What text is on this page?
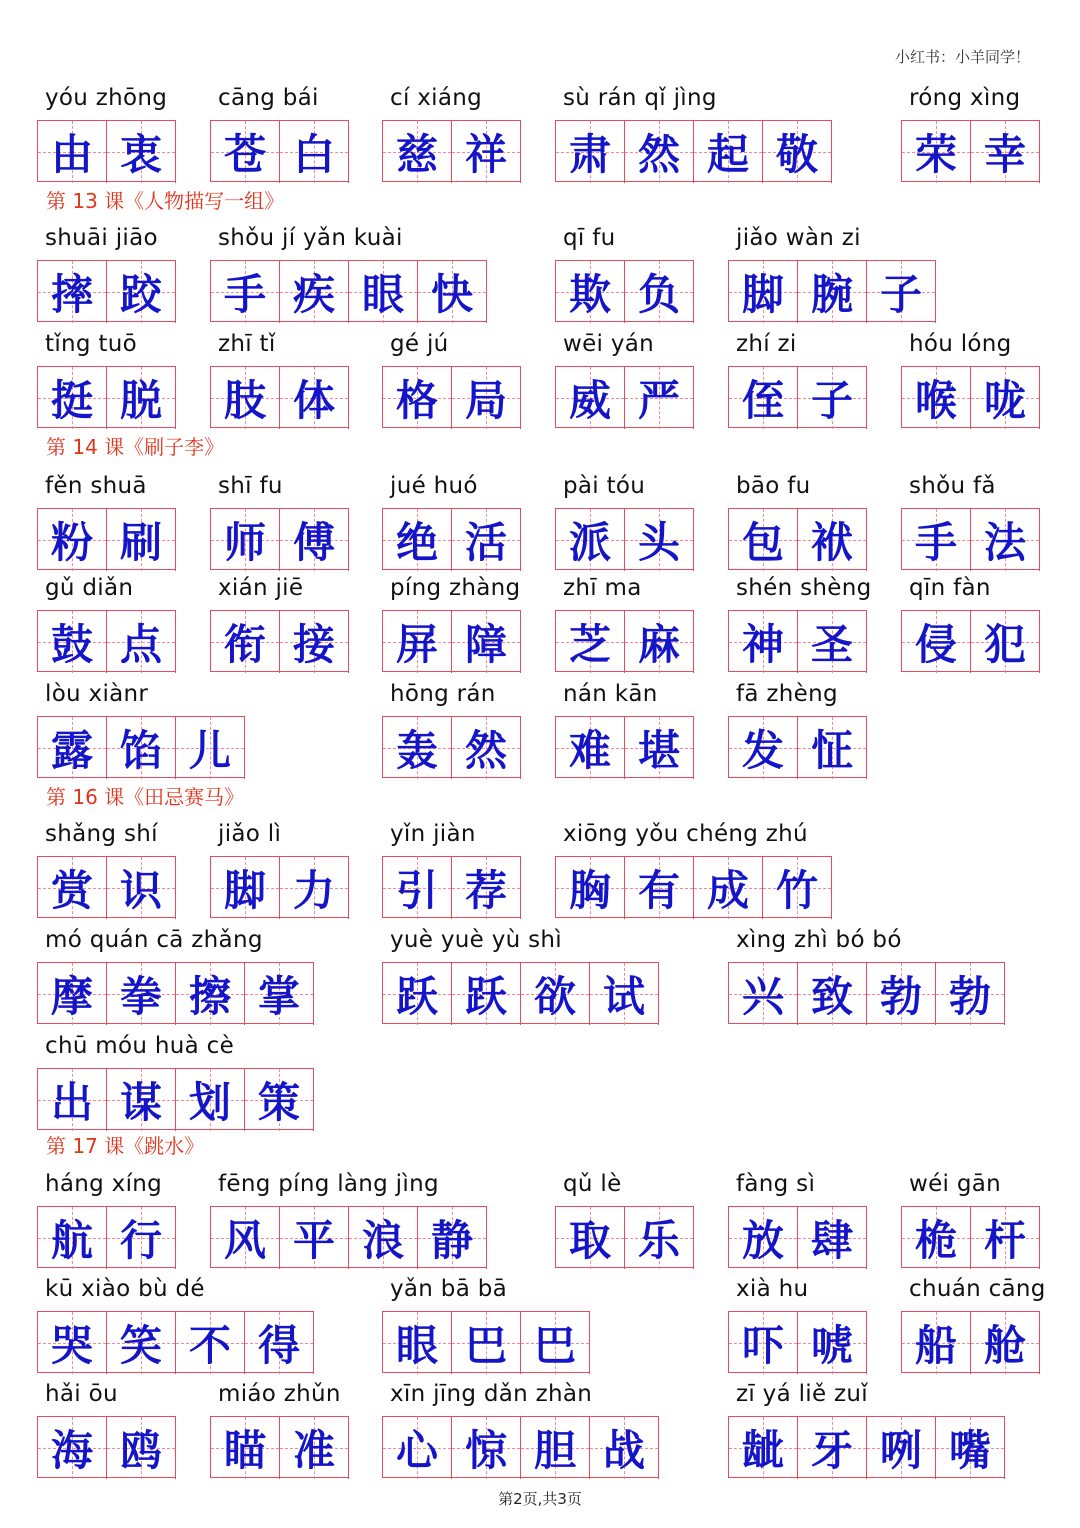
小红书：小羊同学！
yóu zhōng
由 衷
cāng bái
苍 白
cí xiáng
慈 祥
sù rán qǐ jìng
肃 然 起 敬
róng xìng
荣 幸
第 13 课《人物描写一组》
shuāi jiāo
摔 跤
shǒu jí yǎn kuài
手 疾 眼 快
qī fu
欺 负
jiǎo wàn zi
脚 腕 子
tǐng tuō
挺 脱
zhī tǐ
肢 体
gé jú
格 局
wēi yán
威 严
zhí zi
侄 子
hóu lóng
喉 咙
第 14 课《刷子李》
fěn shuā
粉 刷
shī fu
师 傅
jué huó
绝 活
pài tóu
派 头
bāo fu
包 袱
shǒu fǎ
手 法
gǔ diǎn
鼓 点
xián jiē
衔 接
píng zhàng
屏 障
zhī ma
芝 麻
shén shèng
神 圣
qīn fàn
侵 犯
lòu xiànr
露 馅 儿
hōng rán
轰 然
nán kān
难 堪
fā zhèng
发 怔
第 16 课《田忌赛马》
shǎng shí
赏 识
jiǎo lì
脚 力
yǐn jiàn
引 荐
xiōng yǒu chéng zhú
胸 有 成 竹
mó quán cā zhǎng
摩 拳 擦 掌
yuè yuè yù shì
跃 跃 欲 试
xìng zhì bó bó
兴 致 勃 勃
chū móu huà cè
出 谋 划 策
第 17 课《跳水》
háng xíng
航 行
fēng píng làng jìng
风 平 浪 静
qǔ lè
取 乐
fàng sì
放 肆
wéi gān
桅 杆
kū xiào bù dé
哭 笑 不 得
yǎn bā bā
眼 巴 巴
xià hu
吓 唬
chuán cāng
船 舱
hǎi ōu
海 鸥
miáo zhǔn
瞄 准
xīn jīng dǎn zhàn
心 惊 胆 战
zī yá liě zuǐ
龇 牙 咧 嘴
第2页,共3页
